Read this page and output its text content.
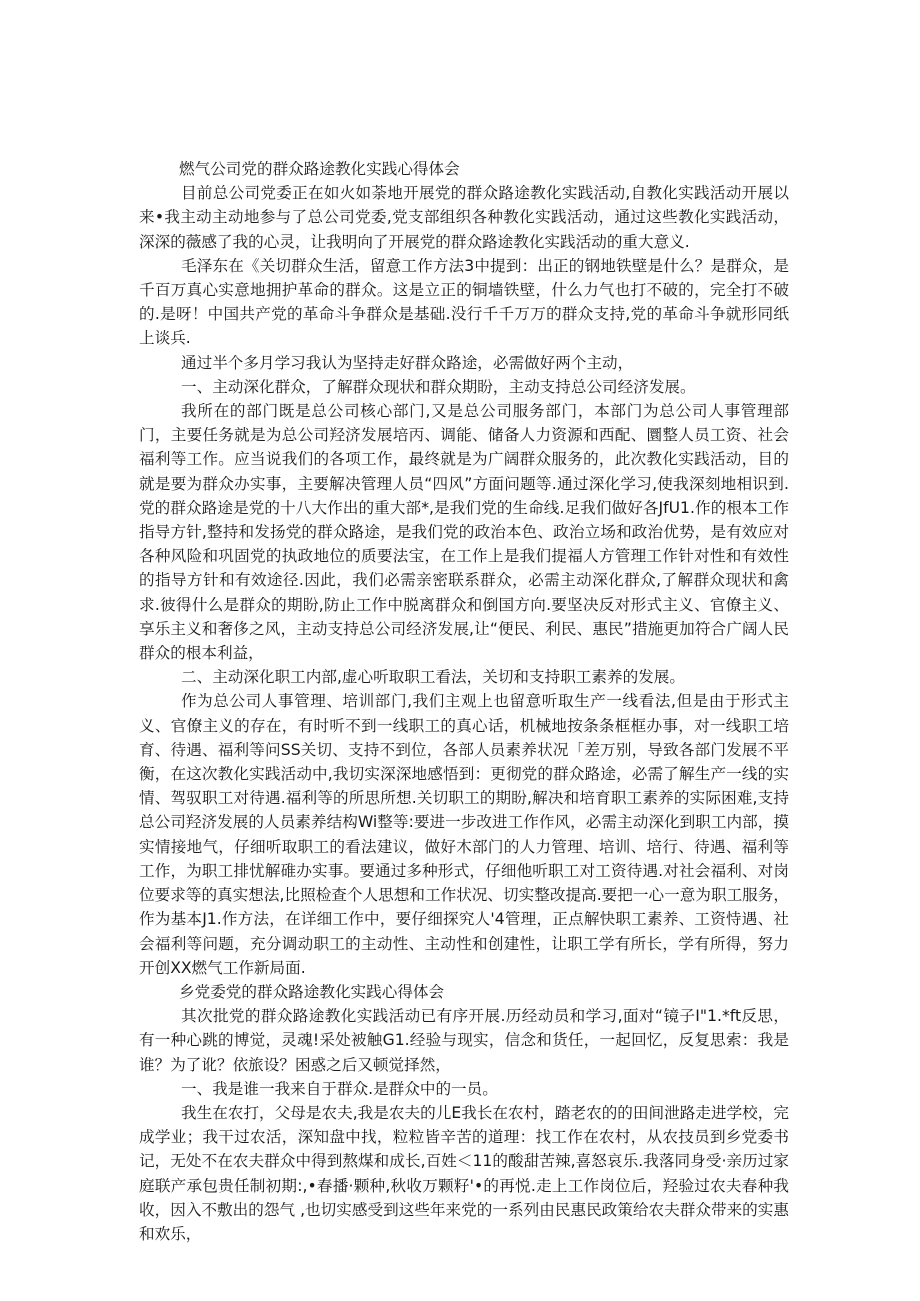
燃气公司党的群众路途教化实践心得体会

目前总公司党委正在如火如荼地开展党的群众路途教化实践活动,自教化实践活动开展以来•我主动主动地参与了总公司党委,党支部组织各种教化实践活动，通过这些教化实践活动，深深的薇感了我的心灵，让我明向了开展党的群众路途教化实践活动的重大意义.

毛泽东在《关切群众生活，留意工作方法3中提到：出正的钢地铁壁是什么？是群众，是千百万真心实意地拥护革命的群众。这是立正的铜墙铁壁，什么力气也打不破的，完全打不破的.是呀！中国共产党的革命斗争群众是基础.没行千千万万的群众支持,党的革命斗争就形同纸上谈兵.

通过半个多月学习我认为坚持走好群众路途，必需做好两个主动，

一、主动深化群众，了解群众现状和群众期盼，主动支持总公司经济发展。

我所在的部门既是总公司核心部门,又是总公司服务部门，本部门为总公司人事管理部门，主要任务就是为总公司羟济发展培丙、调能、储备人力资源和西配、圜整人员工资、社会福利等工作。应当说我们的各项工作，最终就是为广阔群众服务的，此次教化实践活动，目的就是要为群众办实事，主要解决管理人员“四风”方面问题等.通过深化学习,使我深刻地相识到.党的群众路途是党的十八大作出的重大部*,是我们党的生命线.足我们做好各JfU1.作的根本工作指导方针,整持和发扬党的群众路途，是我们党的政治本色、政治立场和政治优势，是有效应对各种风险和巩固党的执政地位的质要法宝，在工作上是我们提福人方管理工作针对性和有效性的指导方针和有效途径.因此，我们必需亲密联系群众，必需主动深化群众,了解群众现状和禽求.彼得什么是群众的期盼,防止工作中脱离群众和倒国方向.要坚决反对形式主义、官僚主义、享乐主义和奢侈之风，主动支持总公司经济发展,让“便民、利民、惠民”措施更加符合广阔人民群众的根本利益，

二、主动深化职工内部,虚心听取职工看法，关切和支持职工素养的发展。

作为总公司人事管理、培训部门,我们主观上也留意听取生产一线看法,但是由于形式主义、官僚主义的存在，有时听不到一线职工的真心话，机械地按条条框框办事，对一线职工培育、待遇、福利等问SS关切、支持不到位，各部人员素养状况「差万别，导致各部门发展不平衡，在这次教化实践活动中,我切实深深地感悟到：更彻党的群众路途，必需了解生产一线的实情、驾驭职工对待遇.福利等的所思所想.关切职工的期盼,解决和培育职工素养的实际困难,支持总公司羟济发展的人员素养结构Wi整等:要进一步改进工作作风，必需主动深化到职工内部，摸实情接地气，仔细听取职工的看法建议，做好木部门的人力管理、培训、培行、待遇、福利等工作，为职工排忧解碓办实事。要通过多种形式，仔细他听职工对工资待遇.对社会福利、对岗位要求等的真实想法,比照检查个人思想和工作状况、切实整改提高.要把一心一意为职工服务，作为基本J1.作方法，在详细工作中，要仔细探究人'4管理，正点解快职工素养、工资恃遇、社会福利等问题，充分调动职工的主动性、主动性和创建性，让职工学有所长，学有所得，努力开创XX燃气工作新局面.

乡党委党的群众路途教化实践心得体会

其次批党的群众路途教化实践活动已有序开展.历经动员和学习,面对“镜子I"1.*ft反思，有一种心跳的博觉，灵魂!采处被触G1.经验与现实，信念和货任，一起回忆，反复思索：我是谁？为了讹？依旅设？困惑之后又顿觉择然，

一、我是谁一我来自于群众.是群众中的一员。

我生在农打，父母是农夫,我是农夫的儿E我长在农村，踏老农的的田间泄路走进学校，完成学业；我干过农活，深知盘中找，粒粒皆辛苦的道理：找工作在农村，从农技员到乡党委书记，无处不在农夫群众中得到熬煤和成长,百姓＜11的酸甜苦辣,喜怒哀乐.我落同身受·亲历过家庭联产承包贵任制初期:,•春播·颗种,秋收万颗籽'•的再悦.走上工作岗位后，羟验过农夫春种我收，因入不敷出的怨气 ,也切实感受到这些年来党的一系列由民惠民政策给农夫群众带来的实惠和欢乐，
